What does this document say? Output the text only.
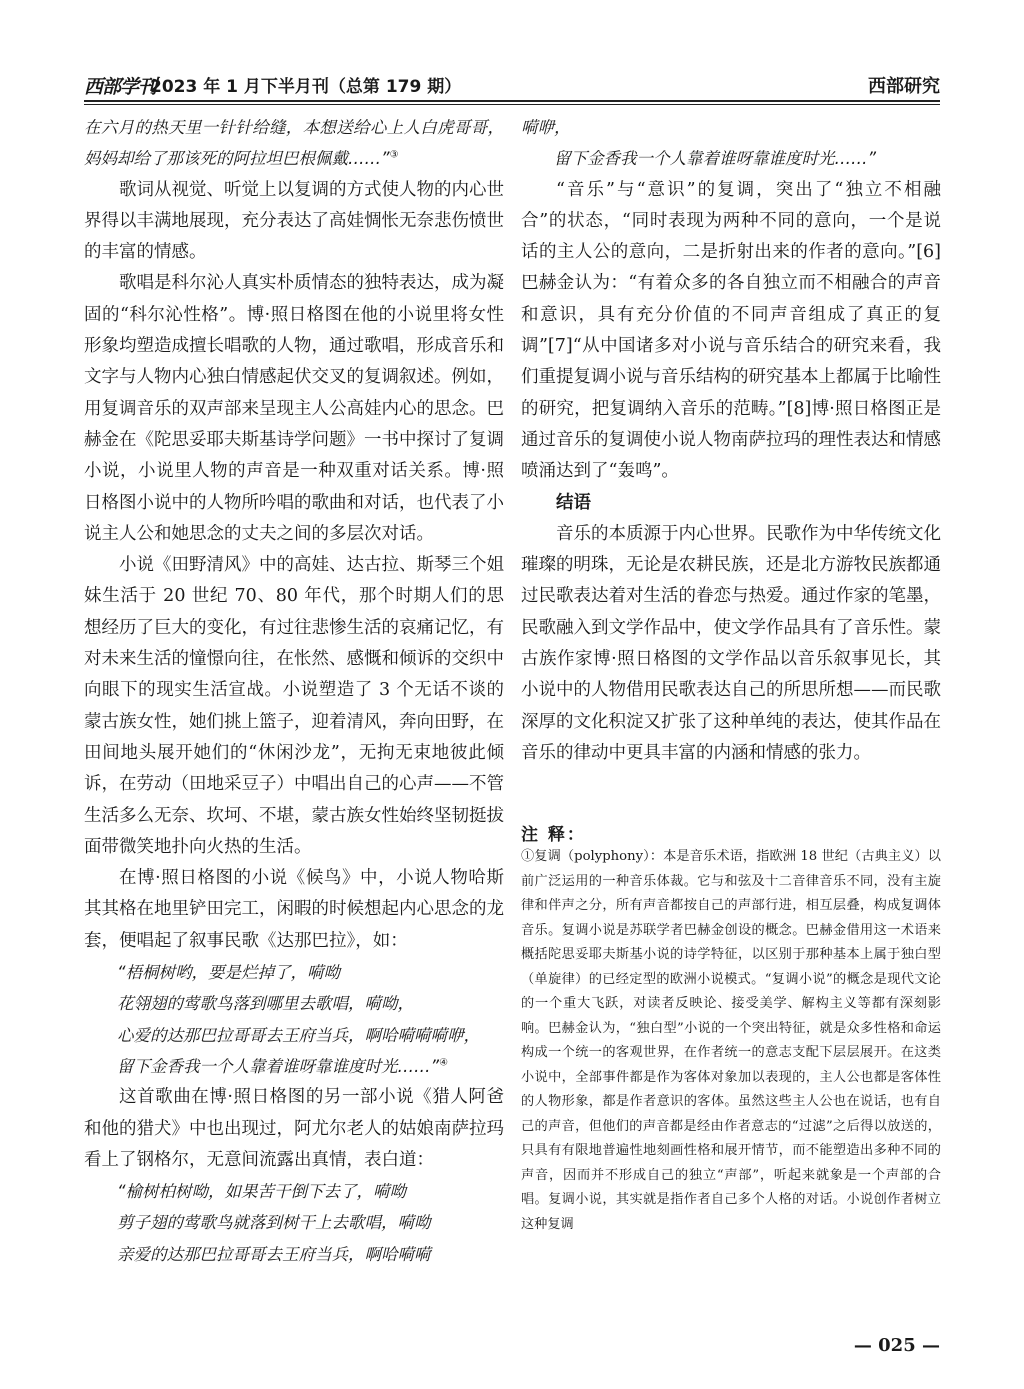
西部学刊
2023 年 1 月下半月刊（总第 179 期）	西部研究

在六月的热天里一针针给缝，本想送给心上人白虎哥哥，妈妈却给了那该死的阿拉坦巴根佩戴……”③

歌词从视觉、听觉上以复调的方式使人物的内心世界得以丰满地展现，充分表达了高娃惆怅无奈悲伤愤世的丰富的情感。

歌唱是科尔沁人真实朴质情态的独特表达，成为凝固的“科尔沁性格”。博·照日格图在他的小说里将女性形象均塑造成擅长唱歌的人物，通过歌唱，形成音乐和文字与人物内心独白情感起伏交叉的复调叙述。例如，用复调音乐的双声部来呈现主人公高娃内心的思念。巴赫金在《陀思妥耶夫斯基诗学问题》一书中探讨了复调小说，小说里人物的声音是一种双重对话关系。博·照日格图小说中的人物所吟唱的歌曲和对话，也代表了小说主人公和她思念的丈夫之间的多层次对话。

小说《田野清风》中的高娃、达古拉、斯琴三个姐妹生活于 20 世纪 70、80 年代，那个时期人们的思想经历了巨大的变化，有过往悲惨生活的哀痛记忆，有对未来生活的憧憬向往，在怅然、感慨和倾诉的交织中向眼下的现实生活宣战。小说塑造了 3 个无话不谈的蒙古族女性，她们挑上篮子，迎着清风，奔向田野，在田间地头展开她们的“休闲沙龙”，无拘无束地彼此倾诉，在劳动（田地采豆子）中唱出自己的心声——不管生活多么无奈、坎坷、不堪，蒙古族女性始终坚韧挺拔面带微笑地扑向火热的生活。

在博·照日格图的小说《候鸟》中，小说人物哈斯其其格在地里铲田完工，闲暇的时候想起内心思念的龙套，便唱起了叙事民歌《达那巴拉》，如：

“梧桐树哟，要是烂掉了，嗬呦

花翎翅的莺歌鸟落到哪里去歌唱，嗬呦，

心爱的达那巴拉哥哥去王府当兵，啊哈嗬嗬嗬咿，

留下金香我一个人靠着谁呀靠谁度时光……”④

这首歌曲在博·照日格图的另一部小说《猎人阿爸和他的猎犬》中也出现过，阿尤尔老人的姑娘南萨拉玛看上了钢格尔，无意间流露出真情，表白道：

“榆树柏树呦，如果苦干倒下去了，嗬呦

剪子翅的莺歌鸟就落到树干上去歌唱，嗬呦

亲爱的达那巴拉哥哥去王府当兵，啊哈嗬嗬

嗬咿，

留下金香我一个人靠着谁呀靠谁度时光……”

“音乐”与“意识”的复调，突出了“独立不相融合”的状态，“同时表现为两种不同的意向，一个是说话的主人公的意向，二是折射出来的作者的意向。”[6]巴赫金认为：“有着众多的各自独立而不相融合的声音和意识，具有充分价值的不同声音组成了真正的复调”[7]“从中国诸多对小说与音乐结合的研究来看，我们重提复调小说与音乐结构的研究基本上都属于比喻性的研究，把复调纳入音乐的范畴。”[8]博·照日格图正是通过音乐的复调使小说人物南萨拉玛的理性表达和情感喷涌达到了“轰鸣”。

结语

音乐的本质源于内心世界。民歌作为中华传统文化璀璨的明珠，无论是农耕民族，还是北方游牧民族都通过民歌表达着对生活的眷恋与热爱。通过作家的笔墨，民歌融入到文学作品中，使文学作品具有了音乐性。蒙古族作家博·照日格图的文学作品以音乐叙事见长，其小说中的人物借用民歌表达自己的所思所想——而民歌深厚的文化积淀又扩张了这种单纯的表达，使其作品在音乐的律动中更具丰富的内涵和情感的张力。

注 释：

①复调（polyphony）：本是音乐术语，指欧洲 18 世纪（古典主义）以前广泛运用的一种音乐体裁。它与和弦及十二音律音乐不同，没有主旋律和伴声之分，所有声音都按自己的声部行进，相互层叠，构成复调体音乐。复调小说是苏联学者巴赫金创设的概念。巴赫金借用这一术语来概括陀思妥耶夫斯基小说的诗学特征，以区别于那种基本上属于独白型（单旋律）的已经定型的欧洲小说模式。“复调小说”的概念是现代文论的一个重大飞跃，对读者反映论、接受美学、解构主义等都有深刻影响。巴赫金认为，“独白型”小说的一个突出特征，就是众多性格和命运构成一个统一的客观世界，在作者统一的意志支配下层层展开。在这类小说中，全部事件都是作为客体对象加以表现的，主人公也都是客体性的人物形象，都是作者意识的客体。虽然这些主人公也在说话，也有自己的声音，但他们的声音都是经由作者意志的“过滤”之后得以放送的，只具有有限地普遍性地刻画性格和展开情节，而不能塑造出多种不同的声音，因而并不形成自己的独立“声部”，听起来就象是一个声部的合唱。复调小说，其实就是指作者自己多个人格的对话。小说创作者树立这种复调

— 025 —
